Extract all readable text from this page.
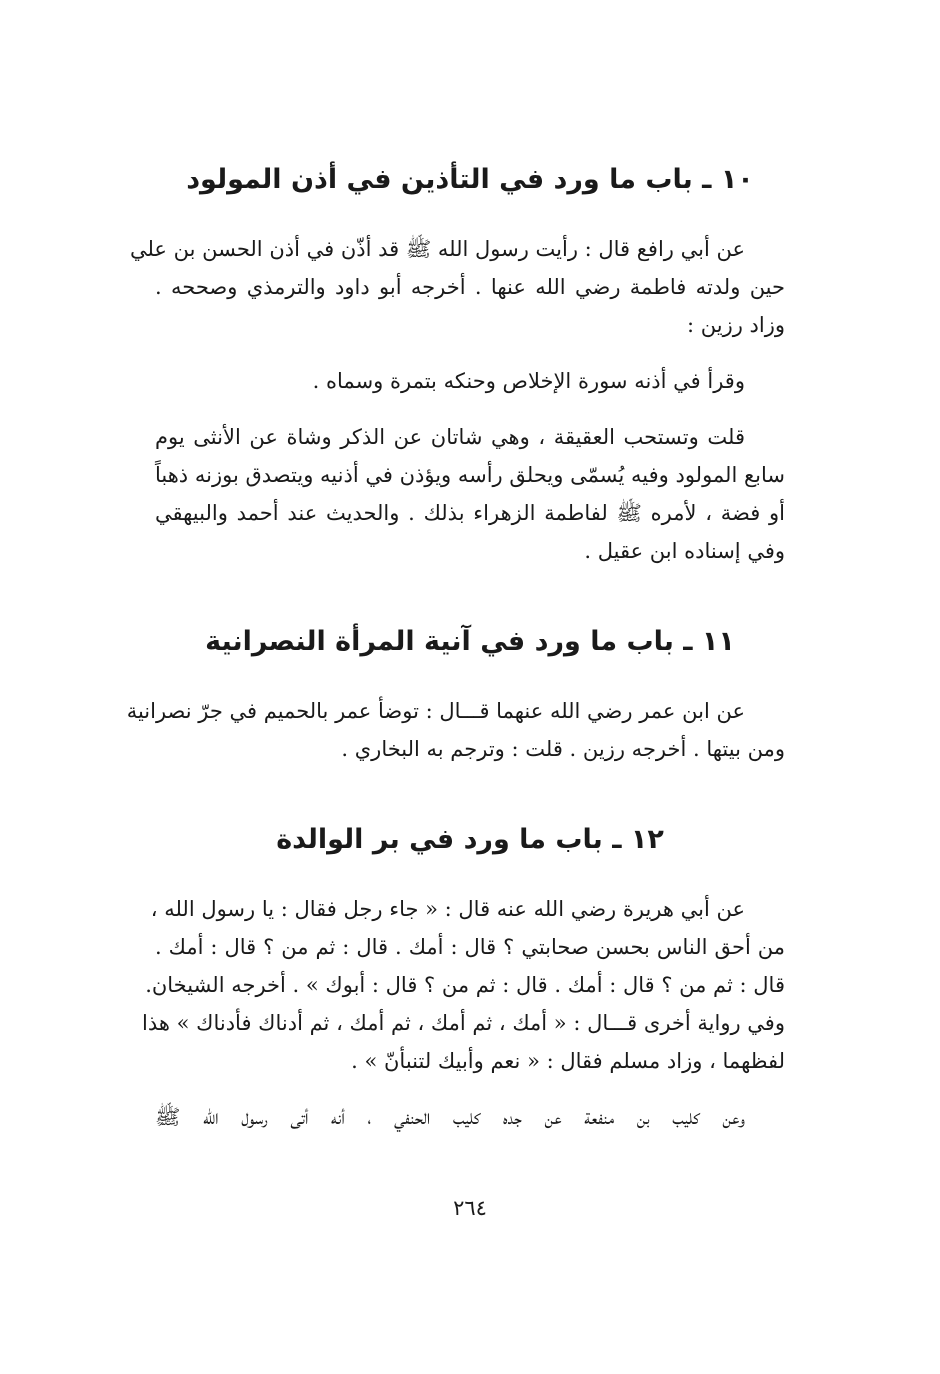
١٠ ـ باب ما ورد في التأذين في أذن المولود

عن أبي رافع قال : رأيت رسول الله ﷺ قد أذّن في أذن الحسن بن علي
حين ولدته فاطمة رضي الله عنها . أخرجه أبو داود والترمذي وصححه .
وزاد رزين :

وقرأ في أذنه سورة الإخلاص وحنكه بتمرة وسماه .

قلت وتستحب العقيقة ، وهي شاتان عن الذكر وشاة عن الأنثى يوم
سابع المولود وفيه يُسمّى ويحلق رأسه ويؤذن في أذنيه ويتصدق بوزنه ذهباً
أو فضة ، لأمره ﷺ لفاطمة الزهراء بذلك . والحديث عند أحمد والبيهقي
وفي إسناده ابن عقيل .

١١ ـ باب ما ورد في آنية المرأة النصرانية

عن ابن عمر رضي الله عنهما قـــال : توضأ عمر بالحميم في جرّ نصرانية
ومن بيتها . أخرجه رزين . قلت : وترجم به البخاري .

١٢ ـ باب ما ورد في بر الوالدة

عن أبي هريرة رضي الله عنه قال : « جاء رجل فقال : يا رسول الله ،
من أحق الناس بحسن صحابتي ؟ قال : أمك . قال : ثم من ؟ قال : أمك .
قال : ثم من ؟ قال : أمك . قال : ثم من ؟ قال : أبوك » . أخرجه الشيخان.
وفي رواية أخرى قـــال : « أمك ، ثم أمك ، ثم أمك ، ثم أدناك فأدناك » هذا
لفظهما ، وزاد مسلم فقال : « نعم وأبيك لتنبأنّ » .

وعن كليب بن منفعة عن جده كليب الحنفي ، أنه أتى رسول الله ﷺ

٢٦٤
